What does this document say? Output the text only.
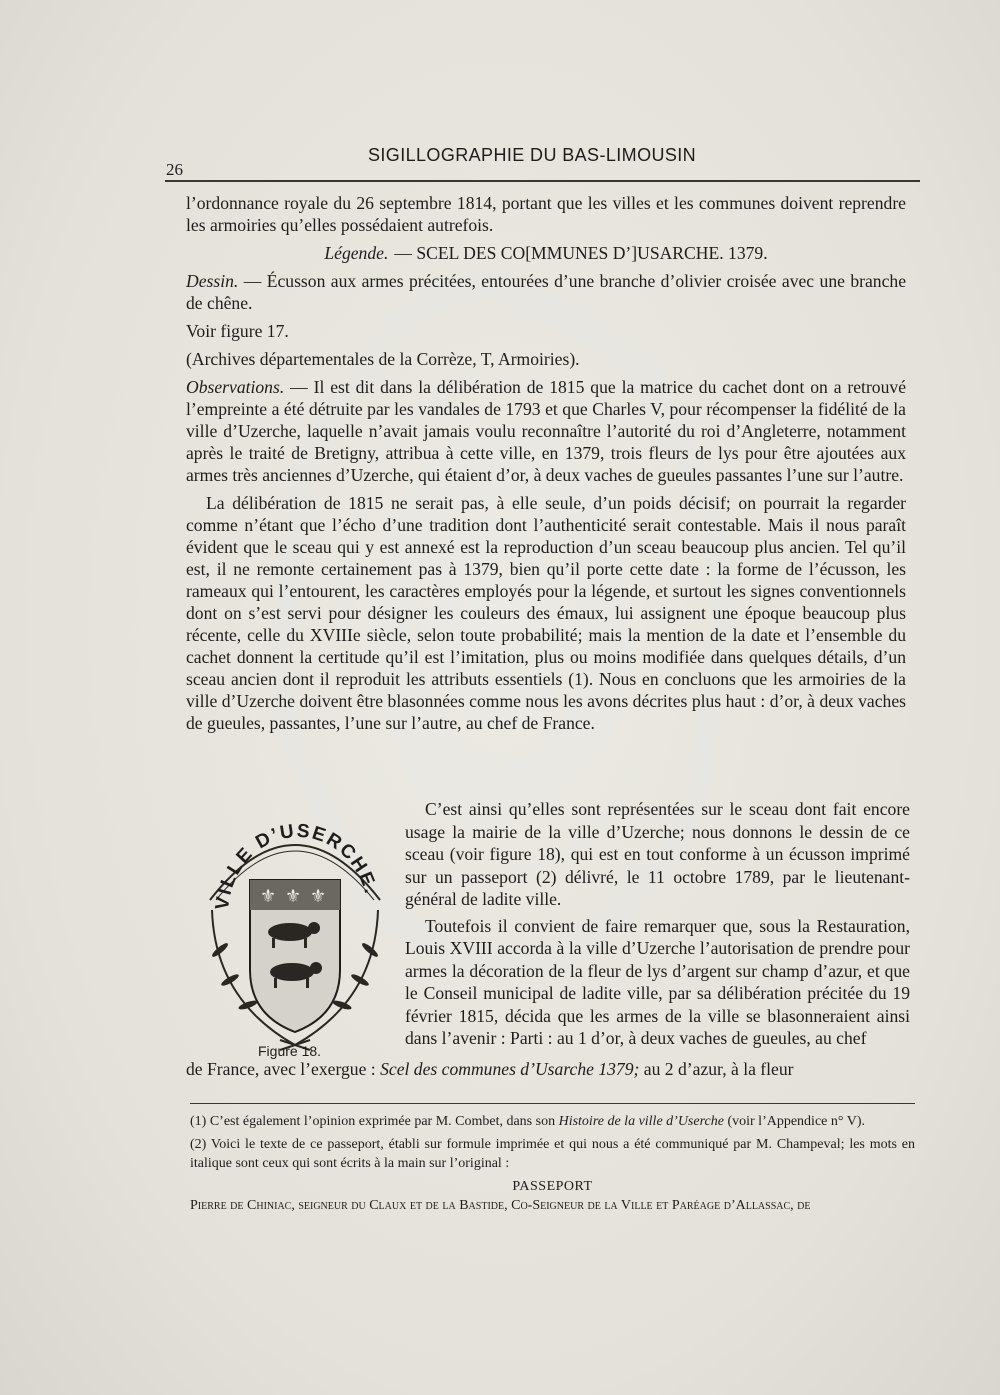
26
SIGILLOGRAPHIE DU BAS-LIMOUSIN

l’ordonnance royale du 26 septembre 1814, portant que les villes et les communes doivent reprendre les armoiries qu’elles possédaient autrefois.

Légende. — SCEL DES CO[MMUNES D’]USARCHE. 1379.

Dessin. — Écusson aux armes précitées, entourées d’une branche d’olivier croisée avec une branche de chêne.

Voir figure 17.

(Archives départementales de la Corrèze, T, Armoiries).

Observations. — Il est dit dans la délibération de 1815 que la matrice du cachet dont on a retrouvé l’empreinte a été détruite par les vandales de 1793 et que Charles V, pour récompenser la fidélité de la ville d’Uzerche, laquelle n’avait jamais voulu reconnaître l’autorité du roi d’Angleterre, notamment après le traité de Bretigny, attribua à cette ville, en 1379, trois fleurs de lys pour être ajoutées aux armes très anciennes d’Uzerche, qui étaient d’or, à deux vaches de gueules passantes l’une sur l’autre.

La délibération de 1815 ne serait pas, à elle seule, d’un poids décisif; on pourrait la regarder comme n’étant que l’écho d’une tradition dont l’authenticité serait contestable. Mais il nous paraît évident que le sceau qui y est annexé est la reproduction d’un sceau beaucoup plus ancien. Tel qu’il est, il ne remonte certainement pas à 1379, bien qu’il porte cette date : la forme de l’écusson, les rameaux qui l’entourent, les caractères employés pour la légende, et surtout les signes conventionnels dont on s’est servi pour désigner les couleurs des émaux, lui assignent une époque beaucoup plus récente, celle du XVIIIe siècle, selon toute probabilité; mais la mention de la date et l’ensemble du cachet donnent la certitude qu’il est l’imitation, plus ou moins modifiée dans quelques détails, d’un sceau ancien dont il reproduit les attributs essentiels (1). Nous en concluons que les armoiries de la ville d’Uzerche doivent être blasonnées comme nous les avons décrites plus haut : d’or, à deux vaches de gueules, passantes, l’une sur l’autre, au chef de France.

VILLE D’USERCHE.
⚜ ⚜ ⚜
Figure 18.

C’est ainsi qu’elles sont représentées sur le sceau dont fait encore usage la mairie de la ville d’Uzerche; nous donnons le dessin de ce sceau (voir figure 18), qui est en tout conforme à un écusson imprimé sur un passeport (2) délivré, le 11 octobre 1789, par le lieutenant-général de ladite ville.

Toutefois il convient de faire remarquer que, sous la Restauration, Louis XVIII accorda à la ville d’Uzerche l’autorisation de prendre pour armes la décoration de la fleur de lys d’argent sur champ d’azur, et que le Conseil municipal de ladite ville, par sa délibération précitée du 19 février 1815, décida que les armes de la ville se blasonneraient ainsi dans l’avenir : Parti : au 1 d’or, à deux vaches de gueules, au chef

de France, avec l’exergue : Scel des communes d’Usarche 1379; au 2 d’azur, à la fleur

(1) C’est également l’opinion exprimée par M. Combet, dans son Histoire de la ville d’Userche (voir l’Appendice n° V).

(2) Voici le texte de ce passeport, établi sur formule imprimée et qui nous a été communiqué par M. Champeval; les mots en italique sont ceux qui sont écrits à la main sur l’original :

PASSEPORT

Pierre de Chiniac, seigneur du Claux et de la Bastide, Co-Seigneur de la Ville et Paréage d’Allassac, de
